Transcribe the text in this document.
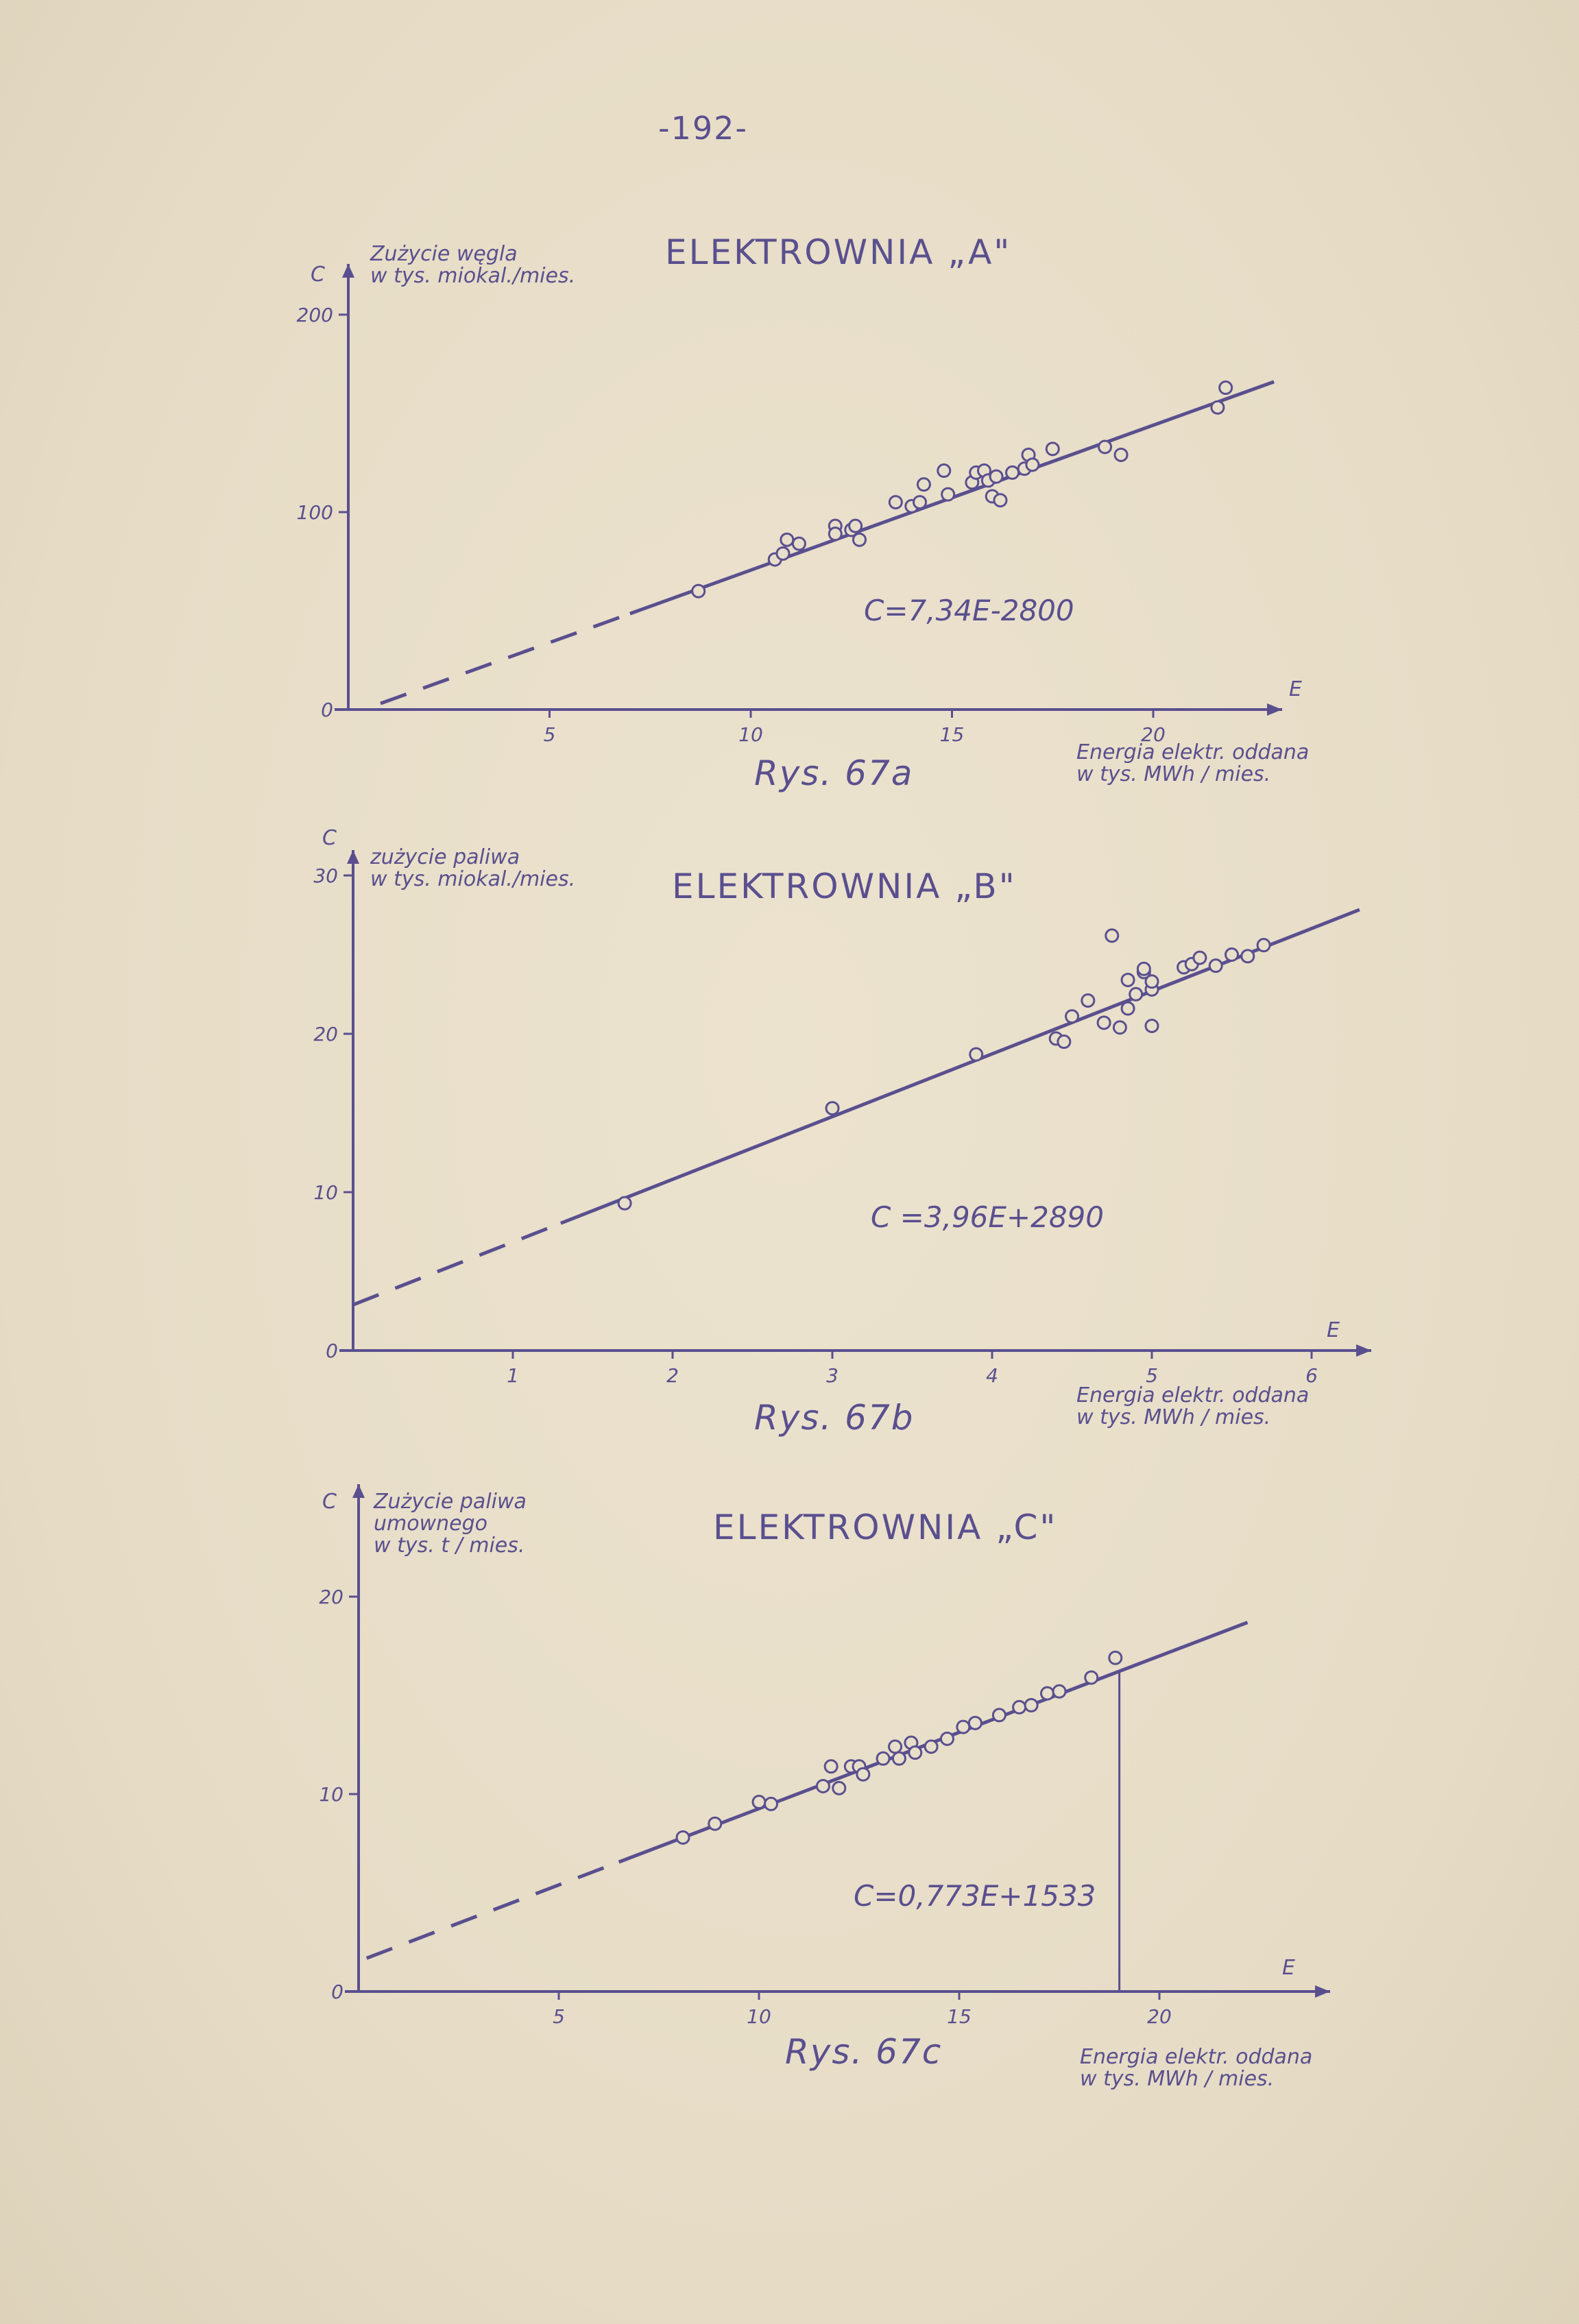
-192-
0
100
200
5	10	15	20
ELEKTROWNIA „A"
C=7,34E-2800
Rys. 67a
C
Zużycie węgla
w tys. miokal./mies.
E
Energia elektr. oddana
w tys. MWh / mies.
0
10
20
30
1	2	3	4	5	6
ELEKTROWNIA „B"
C =3,96E+2890
Rys. 67b
C
zużycie paliwa
w tys. miokal./mies.
E
Energia elektr. oddana
w tys. MWh / mies.
0
10
20
5	10	15	20
ELEKTROWNIA „C"
C=0,773E+1533
Rys. 67c
C Zużycie paliwa
umownego
w tys. t / mies.
E
Energia elektr. oddana
w tys. MWh / mies.
